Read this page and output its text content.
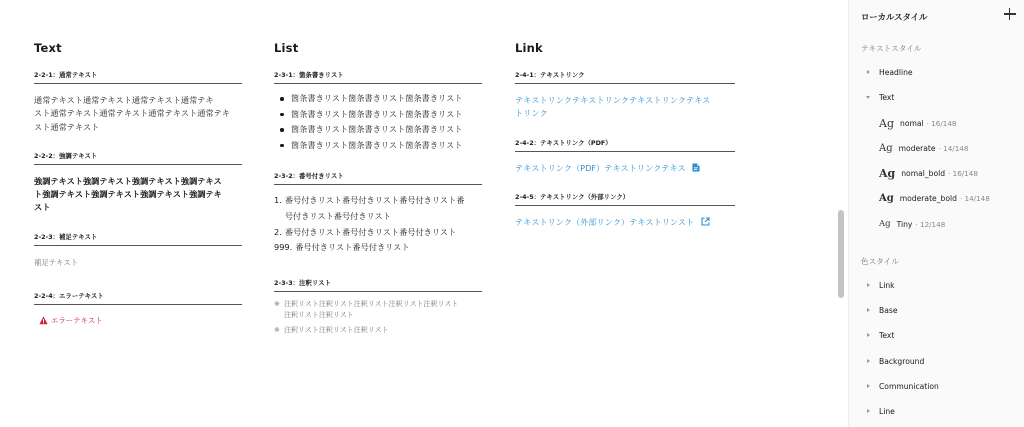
Text
2-2-1：通常テキスト
通常テキスト通常テキスト通常テキスト通常テキ
スト通常テキスト通常テキスト通常テキスト通常テキ
スト通常テキスト
2-2-2：強調テキスト
強調テキスト強調テキスト強調テキスト強調テキス
ト強調テキスト強調テキスト強調テキスト強調テキ
スト
2-2-3：補足テキスト
補足テキスト
2-2-4：エラーテキスト
エラーテキスト
List
2-3-1：箇条書きリスト
箇条書きリスト箇条書きリスト箇条書きリスト
箇条書きリスト箇条書きリスト箇条書きリスト
箇条書きリスト箇条書きリスト箇条書きリスト
箇条書きリスト箇条書きリスト箇条書きリスト
2-3-2：番号付きリスト
1. 番号付きリスト番号付きリスト番号付きリスト番
号付きリスト番号付きリスト
2. 番号付きリスト番号付きリスト番号付きリスト
999. 番号付きリスト番号付きリスト
2-3-3：注釈リスト
※ 注釈リスト注釈リスト注釈リスト注釈リスト注釈リスト
注釈リスト注釈リスト
※ 注釈リスト注釈リスト注釈リスト
Link
2-4-1：テキストリンク
テキストリンクテキストリンクテキストリンクテキス
トリンク
2-4-2：テキストリンク（PDF）
テキストリンク（PDF）テキストリンクテキス
2-4-5：テキストリンク（外部リンク）
テキストリンク（外部リンク）テキストリンスト
ローカルスタイル
テキストスタイル
Headline
Text
Ag nomal · 16/148
Ag moderate · 14/148
Ag nomal_bold · 16/148
Ag moderate_bold · 14/148
Ag Tiny · 12/148
色スタイル
Link
Base
Text
Background
Communication
Line
